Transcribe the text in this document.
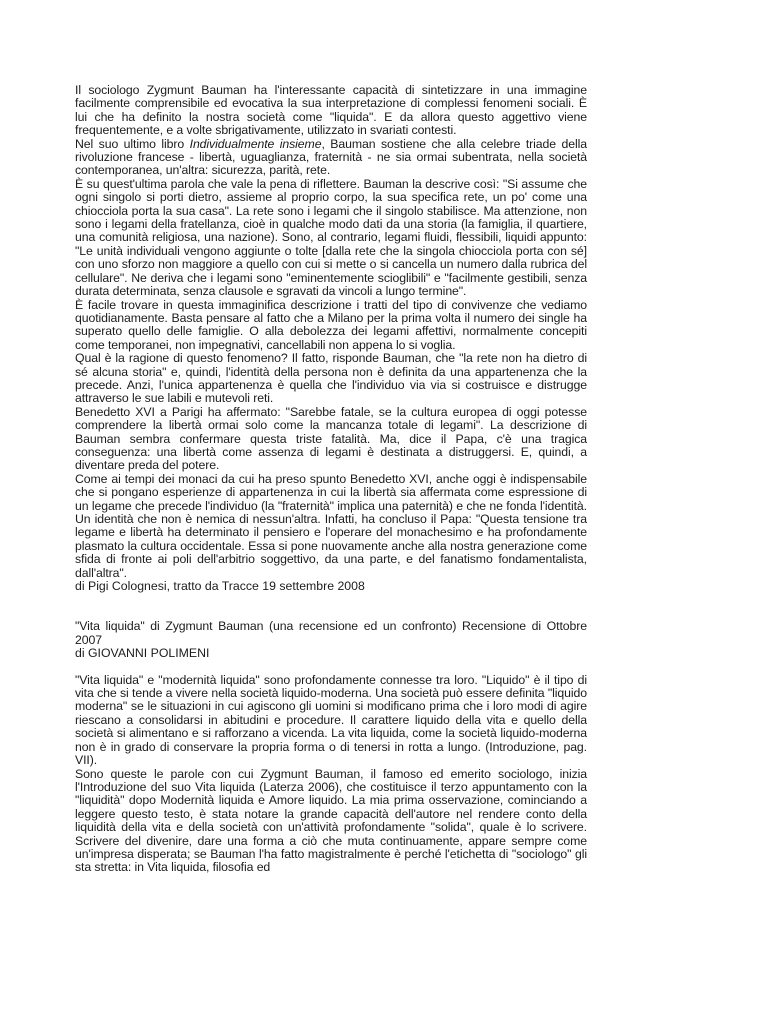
Il sociologo Zygmunt Bauman ha l'interessante capacità di sintetizzare in una immagine facilmente comprensibile ed evocativa la sua interpretazione di complessi fenomeni sociali. È lui che ha definito la nostra società come "liquida". E da allora questo aggettivo viene frequentemente, e a volte sbrigativamente, utilizzato in svariati contesti.

Nel suo ultimo libro Individualmente insieme, Bauman sostiene che alla celebre triade della rivoluzione francese - libertà, uguaglianza, fraternità - ne sia ormai subentrata, nella società contemporanea, un'altra: sicurezza, parità, rete.

È su quest'ultima parola che vale la pena di riflettere. Bauman la descrive così: "Si assume che ogni singolo si porti dietro, assieme al proprio corpo, la sua specifica rete, un po' come una chiocciola porta la sua casa". La rete sono i legami che il singolo stabilisce. Ma attenzione, non sono i legami della fratellanza, cioè in qualche modo dati da una storia (la famiglia, il quartiere, una comunità religiosa, una nazione). Sono, al contrario, legami fluidi, flessibili, liquidi appunto: "Le unità individuali vengono aggiunte o tolte [dalla rete che la singola chiocciola porta con sé] con uno sforzo non maggiore a quello con cui si mette o si cancella un numero dalla rubrica del cellulare". Ne deriva che i legami sono "eminentemente scioglibili" e "facilmente gestibili, senza durata determinata, senza clausole e sgravati da vincoli a lungo termine".

È facile trovare in questa immaginifica descrizione i tratti del tipo di convivenze che vediamo quotidianamente. Basta pensare al fatto che a Milano per la prima volta il numero dei single ha superato quello delle famiglie. O alla debolezza dei legami affettivi, normalmente concepiti come temporanei, non impegnativi, cancellabili non appena lo si voglia.

Qual è la ragione di questo fenomeno? Il fatto, risponde Bauman, che "la rete non ha dietro di sé alcuna storia" e, quindi, l'identità della persona non è definita da una appartenenza che la precede. Anzi, l'unica appartenenza è quella che l'individuo via via si costruisce e distrugge attraverso le sue labili e mutevoli reti.

Benedetto XVI a Parigi ha affermato: "Sarebbe fatale, se la cultura europea di oggi potesse comprendere la libertà ormai solo come la mancanza totale di legami". La descrizione di Bauman sembra confermare questa triste fatalità. Ma, dice il Papa, c'è una tragica conseguenza: una libertà come assenza di legami è destinata a distruggersi. E, quindi, a diventare preda del potere.

Come ai tempi dei monaci da cui ha preso spunto Benedetto XVI, anche oggi è indispensabile che si pongano esperienze di appartenenza in cui la libertà sia affermata come espressione di un legame che precede l'individuo (la "fraternità" implica una paternità) e che ne fonda l'identità. Un identità che non è nemica di nessun'altra. Infatti, ha concluso il Papa: "Questa tensione tra legame e libertà ha determinato il pensiero e l'operare del monachesimo e ha profondamente plasmato la cultura occidentale. Essa si pone nuovamente anche alla nostra generazione come sfida di fronte ai poli dell'arbitrio soggettivo, da una parte, e del fanatismo fondamentalista, dall'altra".

di Pigi Colognesi, tratto da Tracce 19 settembre 2008

"Vita liquida" di Zygmunt Bauman (una recensione ed un confronto) Recensione di Ottobre 2007

di GIOVANNI POLIMENI

"Vita liquida" e "modernità liquida" sono profondamente connesse tra loro. "Liquido" è il tipo di vita che si tende a vivere nella società liquido-moderna. Una società può essere definita "liquido moderna" se le situazioni in cui agiscono gli uomini si modificano prima che i loro modi di agire riescano a consolidarsi in abitudini e procedure. Il carattere liquido della vita e quello della società si alimentano e si rafforzano a vicenda. La vita liquida, come la società liquido-moderna non è in grado di conservare la propria forma o di tenersi in rotta a lungo. (Introduzione, pag. VII).

Sono queste le parole con cui Zygmunt Bauman, il famoso ed emerito sociologo, inizia l'Introduzione del suo Vita liquida (Laterza 2006), che costituisce il terzo appuntamento con la "liquidità" dopo Modernità liquida e Amore liquido. La mia prima osservazione, cominciando a leggere questo testo, è stata notare la grande capacità dell'autore nel rendere conto della liquidità della vita e della società con un'attività profondamente "solida", quale è lo scrivere. Scrivere del divenire, dare una forma a ciò che muta continuamente, appare sempre come un'impresa disperata; se Bauman l'ha fatto magistralmente è perché l'etichetta di "sociologo" gli sta stretta: in Vita liquida, filosofia ed
